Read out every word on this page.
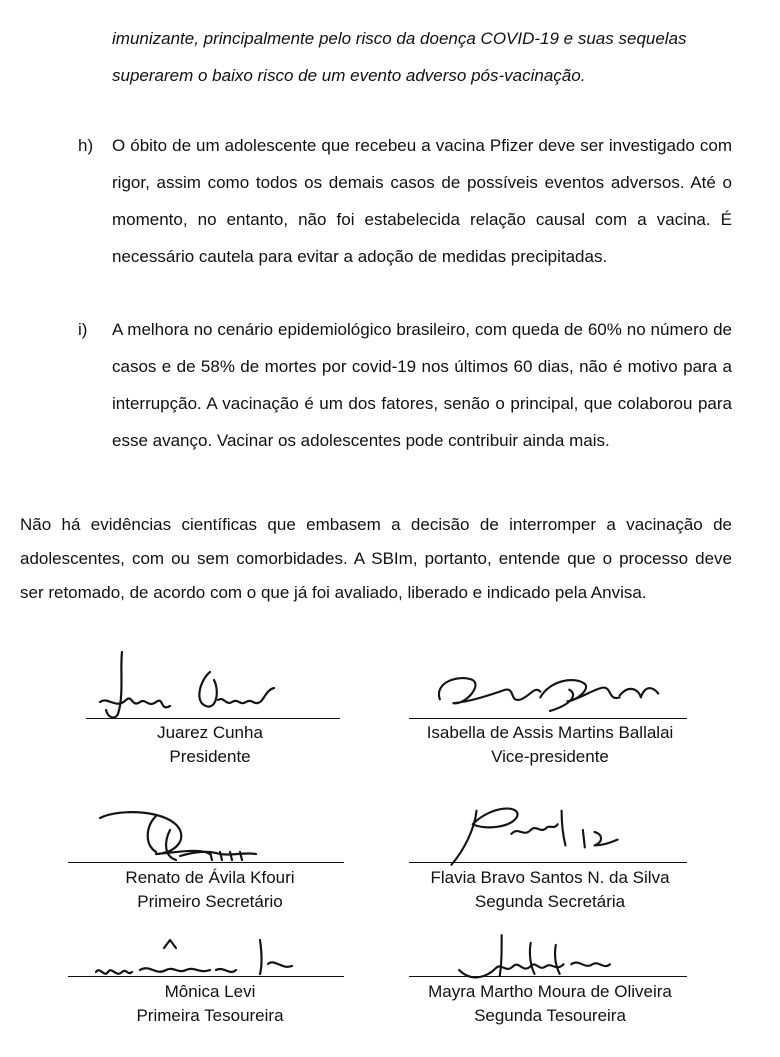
imunizante, principalmente pelo risco da doença COVID-19 e suas sequelas superarem o baixo risco de um evento adverso pós-vacinação.

h) O óbito de um adolescente que recebeu a vacina Pfizer deve ser investigado com rigor, assim como todos os demais casos de possíveis eventos adversos. Até o momento, no entanto, não foi estabelecida relação causal com a vacina. É necessário cautela para evitar a adoção de medidas precipitadas.

i) A melhora no cenário epidemiológico brasileiro, com queda de 60% no número de casos e de 58% de mortes por covid-19 nos últimos 60 dias, não é motivo para a interrupção. A vacinação é um dos fatores, senão o principal, que colaborou para esse avanço. Vacinar os adolescentes pode contribuir ainda mais.

Não há evidências científicas que embasem a decisão de interromper a vacinação de adolescentes, com ou sem comorbidades. A SBIm, portanto, entende que o processo deve ser retomado, de acordo com o que já foi avaliado, liberado e indicado pela Anvisa.

Juarez Cunha

Presidente

Isabella de Assis Martins Ballalai

Vice-presidente

Renato de Ávila Kfouri

Primeiro Secretário

Flavia Bravo Santos N. da Silva

Segunda Secretária

Mônica Levi

Primeira Tesoureira

Mayra Martho Moura de Oliveira

Segunda Tesoureira
